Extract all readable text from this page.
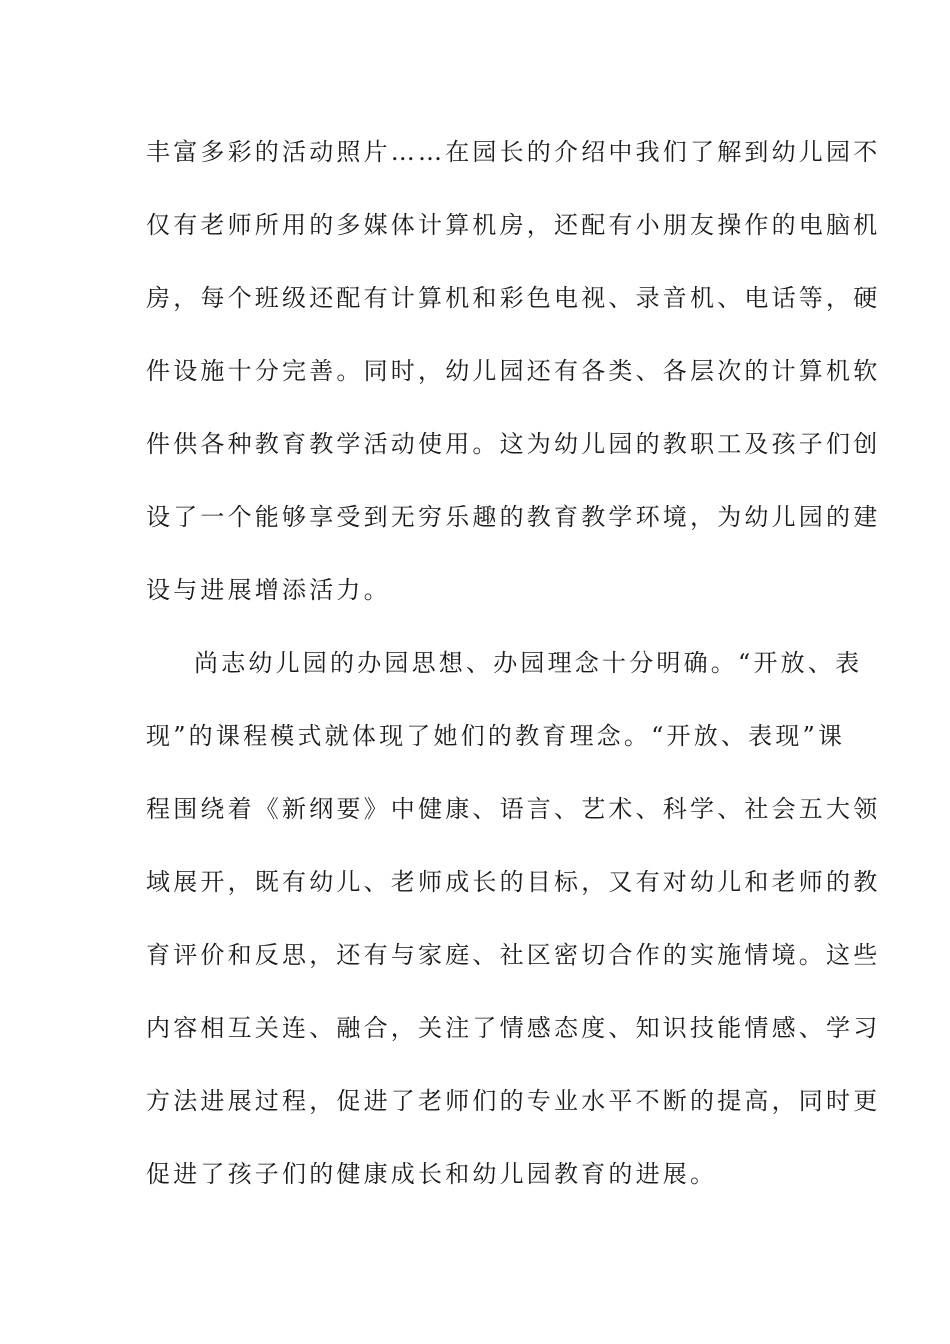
丰富多彩的活动照片……在园长的介绍中我们了解到幼儿园不
仅有老师所用的多媒体计算机房，还配有小朋友操作的电脑机
房，每个班级还配有计算机和彩色电视、录音机、电话等，硬
件设施十分完善。同时，幼儿园还有各类、各层次的计算机软
件供各种教育教学活动使用。这为幼儿园的教职工及孩子们创
设了一个能够享受到无穷乐趣的教育教学环境，为幼儿园的建
设与进展增添活力。
尚志幼儿园的办园思想、办园理念十分明确。“开放、表
现”的课程模式就体现了她们的教育理念。“开放、表现”课
程围绕着《新纲要》中健康、语言、艺术、科学、社会五大领
域展开，既有幼儿、老师成长的目标，又有对幼儿和老师的教
育评价和反思，还有与家庭、社区密切合作的实施情境。这些
内容相互关连、融合，关注了情感态度、知识技能情感、学习
方法进展过程，促进了老师们的专业水平不断的提高，同时更
促进了孩子们的健康成长和幼儿园教育的进展。
